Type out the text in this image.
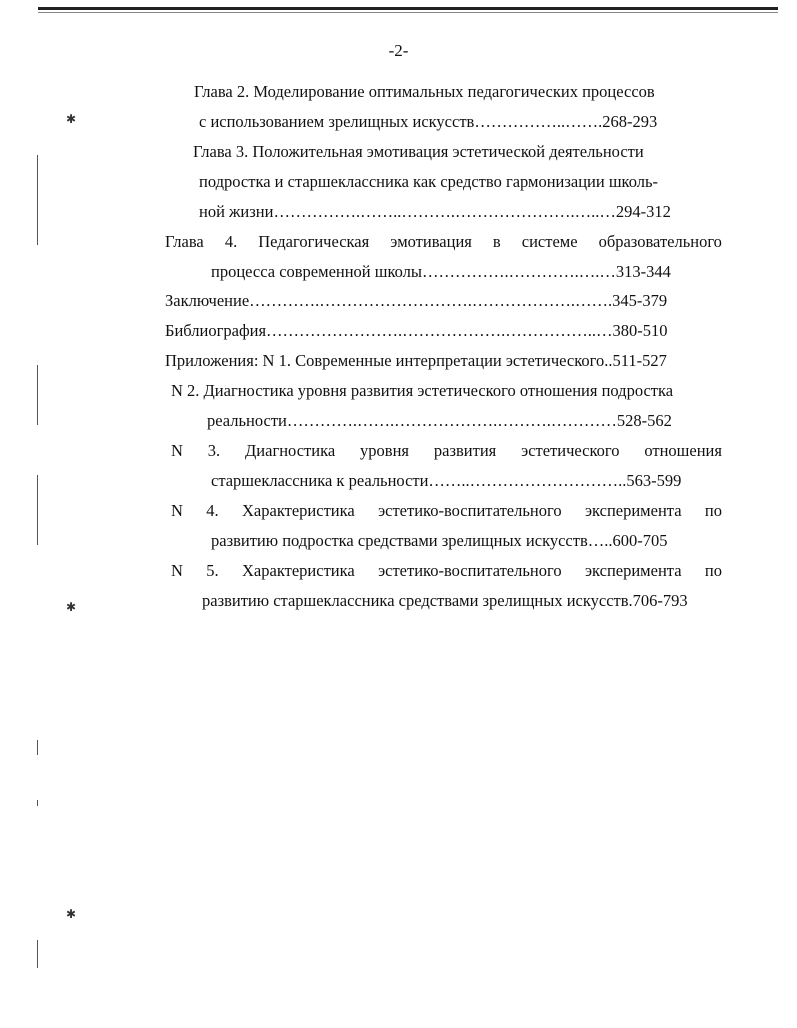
-2-
Глава 2. Моделирование оптимальных педагогических процессов
с использованием зрелищных искусств……………..…….268-293
Глава 3. Положительная эмотивация эстетической деятельности
подростка и старшеклассника как средство гармонизации школь-
ной жизни…………….……..……….………………….…..…294-312
Глава 4. Педагогическая эмотивация в системе образовательного
процесса современной школы…………….………….….…313-344
Заключение………….……………………….……………….…….345-379
Библиография…………………….……………….……………..…380-510
Приложения: N 1. Современные интерпретации эстетического..511-527
N 2. Диагностика уровня развития эстетического отношения подростка
реальности………….…….……………….……….…………528-562
N 3. Диагностика уровня развития эстетического отношения
старшеклассника к реальности……..………………………..563-599
N 4. Характеристика эстетико-воспитательного эксперимента по
развитию подростка средствами зрелищных искусств…..600-705
N 5. Характеристика эстетико-воспитательного эксперимента по
развитию старшеклассника средствами зрелищных искусств.706-793
✱
✱
✱
